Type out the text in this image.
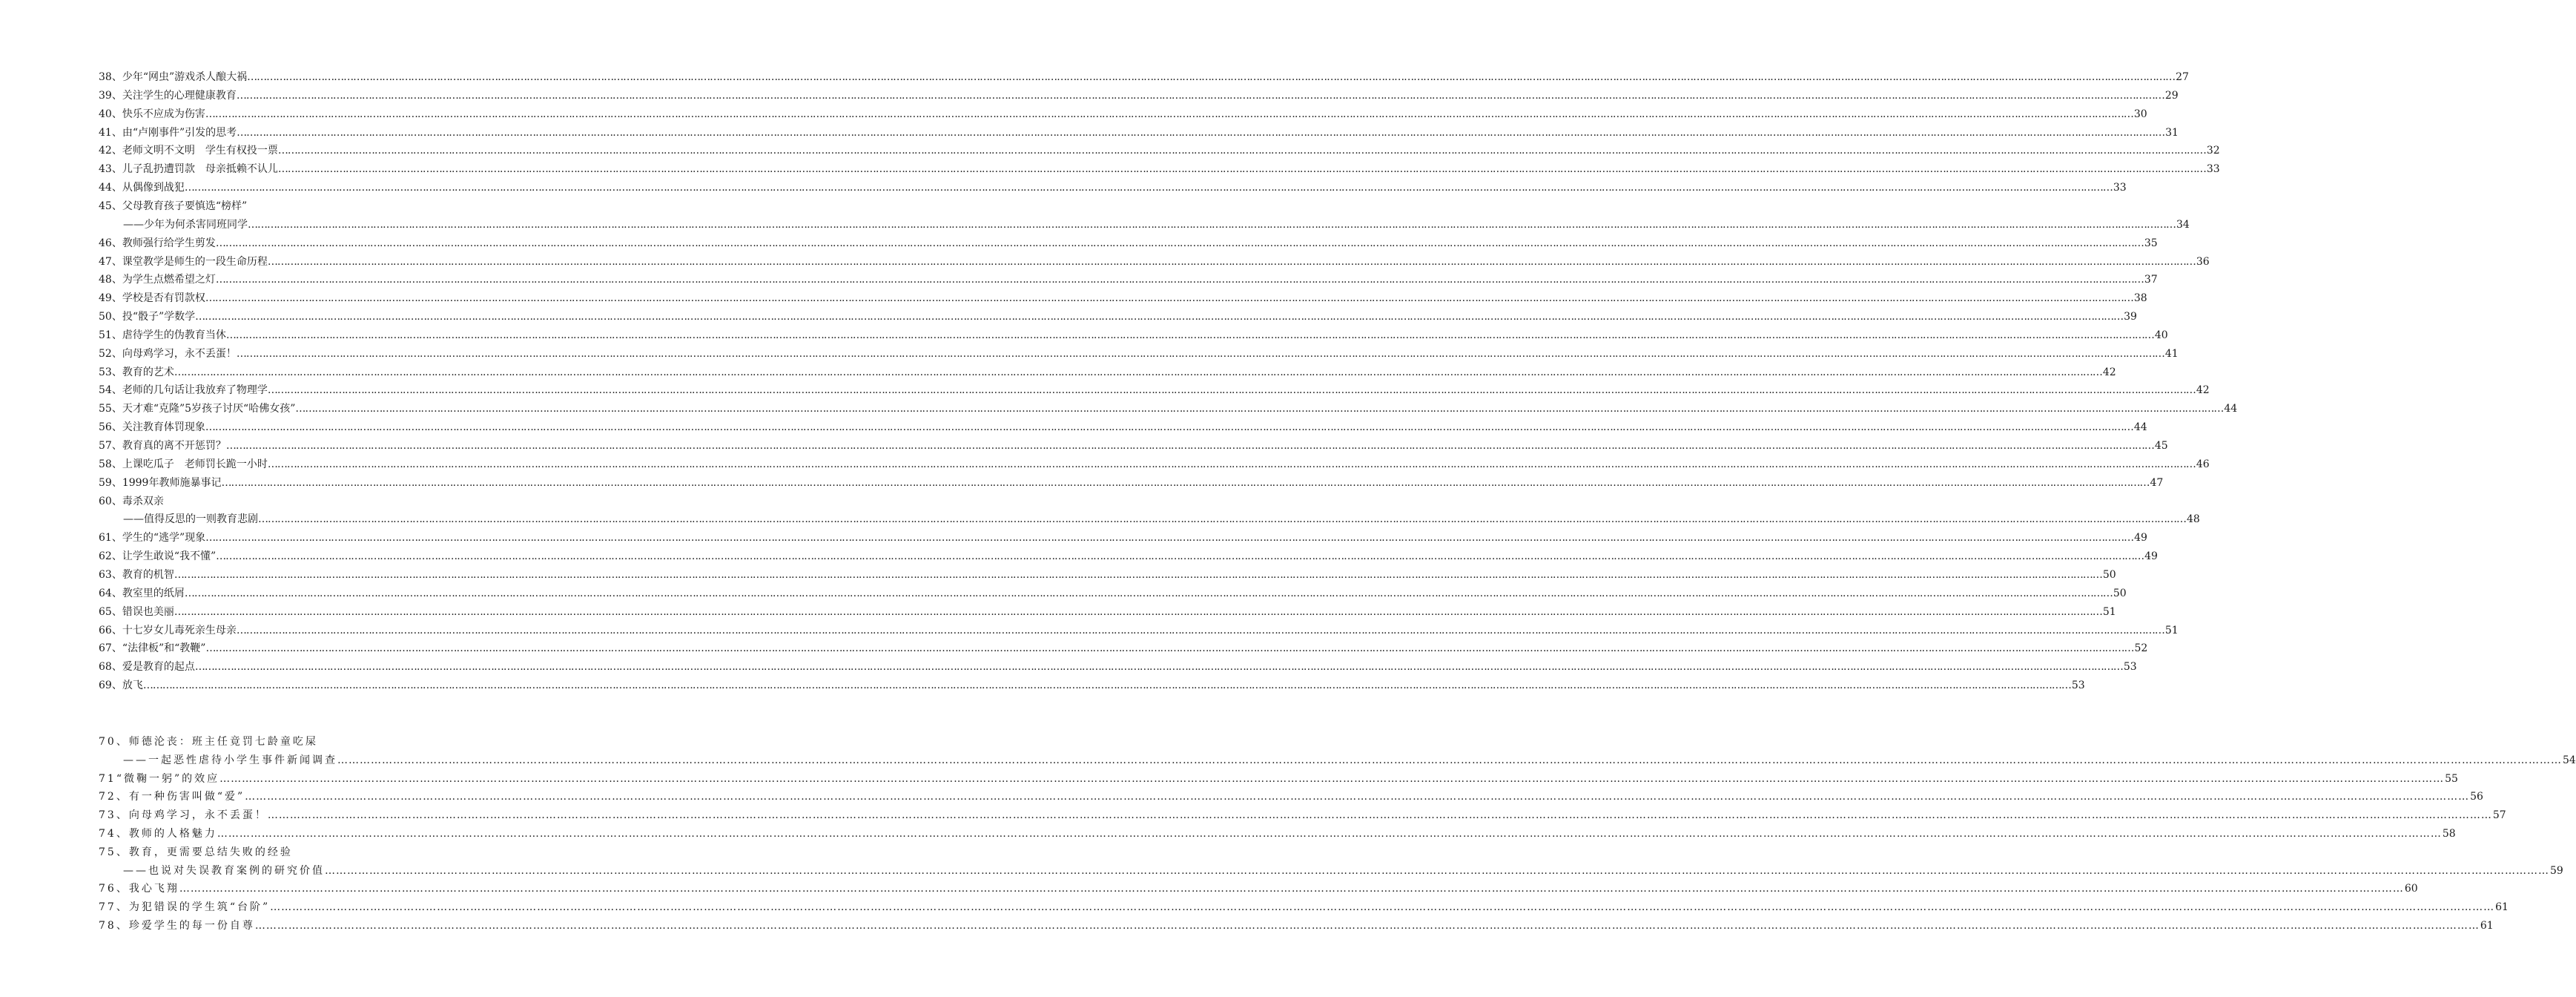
38、少年“网虫”游戏杀人酿大祸 …………………………………………………………………………………………………………………………………………………………………………………………………………………………………………………………………………………………………………………………………………………………………………………………………………………………………………………………………………………………………………………………………………………… 27
39、关注学生的心理健康教育 …………………………………………………………………………………………………………………………………………………………………………………………………………………………………………………………………………………………………………………………………………………………………………………………………………………………………………………………………………………………………………………………………………………… 29
40、快乐不应成为伤害 …………………………………………………………………………………………………………………………………………………………………………………………………………………………………………………………………………………………………………………………………………………………………………………………………………………………………………………………………………………………………………………………………………………… 30
41、由“卢刚事件”引发的思考 …………………………………………………………………………………………………………………………………………………………………………………………………………………………………………………………………………………………………………………………………………………………………………………………………………………………………………………………………………………………………………………………………………………… 31
42、老师文明不文明　学生有权投一票 …………………………………………………………………………………………………………………………………………………………………………………………………………………………………………………………………………………………………………………………………………………………………………………………………………………………………………………………………………………………………………………………………………………… 32
43、儿子乱扔遭罚款　母亲抵赖不认儿 …………………………………………………………………………………………………………………………………………………………………………………………………………………………………………………………………………………………………………………………………………………………………………………………………………………………………………………………………………………………………………………………………………………… 33
44、从偶像到战犯 …………………………………………………………………………………………………………………………………………………………………………………………………………………………………………………………………………………………………………………………………………………………………………………………………………………………………………………………………………………………………………………………………………………… 33
45、父母教育孩子要慎选“榜样”
——少年为何杀害同班同学 …………………………………………………………………………………………………………………………………………………………………………………………………………………………………………………………………………………………………………………………………………………………………………………………………………………………………………………………………………………………………………………………………………………… 34
46、教师强行给学生剪发 …………………………………………………………………………………………………………………………………………………………………………………………………………………………………………………………………………………………………………………………………………………………………………………………………………………………………………………………………………………………………………………………………………………… 35
47、课堂教学是师生的一段生命历程 …………………………………………………………………………………………………………………………………………………………………………………………………………………………………………………………………………………………………………………………………………………………………………………………………………………………………………………………………………………………………………………………………………………… 36
48、为学生点燃希望之灯 …………………………………………………………………………………………………………………………………………………………………………………………………………………………………………………………………………………………………………………………………………………………………………………………………………………………………………………………………………………………………………………………………………………… 37
49、学校是否有罚款权 …………………………………………………………………………………………………………………………………………………………………………………………………………………………………………………………………………………………………………………………………………………………………………………………………………………………………………………………………………………………………………………………………………………… 38
50、投“骰子”学数学 …………………………………………………………………………………………………………………………………………………………………………………………………………………………………………………………………………………………………………………………………………………………………………………………………………………………………………………………………………………………………………………………………………………… 39
51、虐待学生的伪教育当休 …………………………………………………………………………………………………………………………………………………………………………………………………………………………………………………………………………………………………………………………………………………………………………………………………………………………………………………………………………………………………………………………………………………… 40
52、向母鸡学习，永不丢蛋！ …………………………………………………………………………………………………………………………………………………………………………………………………………………………………………………………………………………………………………………………………………………………………………………………………………………………………………………………………………………………………………………………………………………… 41
53、教育的艺术 …………………………………………………………………………………………………………………………………………………………………………………………………………………………………………………………………………………………………………………………………………………………………………………………………………………………………………………………………………………………………………………………………………………… 42
54、老师的几句话让我放弃了物理学 …………………………………………………………………………………………………………………………………………………………………………………………………………………………………………………………………………………………………………………………………………………………………………………………………………………………………………………………………………………………………………………………………………………… 42
55、天才难“克隆”5岁孩子讨厌“哈佛女孩” …………………………………………………………………………………………………………………………………………………………………………………………………………………………………………………………………………………………………………………………………………………………………………………………………………………………………………………………………………………………………………………………………………………… 44
56、关注教育体罚现象 …………………………………………………………………………………………………………………………………………………………………………………………………………………………………………………………………………………………………………………………………………………………………………………………………………………………………………………………………………………………………………………………………………………… 44
57、教育真的离不开惩罚？ …………………………………………………………………………………………………………………………………………………………………………………………………………………………………………………………………………………………………………………………………………………………………………………………………………………………………………………………………………………………………………………………………………………… 45
58、上课吃瓜子　老师罚长跪一小时 …………………………………………………………………………………………………………………………………………………………………………………………………………………………………………………………………………………………………………………………………………………………………………………………………………………………………………………………………………………………………………………………………………………… 46
59、1999年教师施暴事记 …………………………………………………………………………………………………………………………………………………………………………………………………………………………………………………………………………………………………………………………………………………………………………………………………………………………………………………………………………………………………………………………………………………… 47
60、毒杀双亲
——值得反思的一则教育悲剧 …………………………………………………………………………………………………………………………………………………………………………………………………………………………………………………………………………………………………………………………………………………………………………………………………………………………………………………………………………………………………………………………………………………… 48
61、学生的“逃学”现象 …………………………………………………………………………………………………………………………………………………………………………………………………………………………………………………………………………………………………………………………………………………………………………………………………………………………………………………………………………………………………………………………………………………… 49
62、让学生敢说“我不懂” …………………………………………………………………………………………………………………………………………………………………………………………………………………………………………………………………………………………………………………………………………………………………………………………………………………………………………………………………………………………………………………………………………………… 49
63、教育的机智 …………………………………………………………………………………………………………………………………………………………………………………………………………………………………………………………………………………………………………………………………………………………………………………………………………………………………………………………………………………………………………………………………………………… 50
64、教室里的纸屑 …………………………………………………………………………………………………………………………………………………………………………………………………………………………………………………………………………………………………………………………………………………………………………………………………………………………………………………………………………………………………………………………………………………… 50
65、错误也美丽 …………………………………………………………………………………………………………………………………………………………………………………………………………………………………………………………………………………………………………………………………………………………………………………………………………………………………………………………………………………………………………………………………………………… 51
66、十七岁女儿毒死亲生母亲 …………………………………………………………………………………………………………………………………………………………………………………………………………………………………………………………………………………………………………………………………………………………………………………………………………………………………………………………………………………………………………………………………………………… 51
67、“法律板”和“教鞭” …………………………………………………………………………………………………………………………………………………………………………………………………………………………………………………………………………………………………………………………………………………………………………………………………………………………………………………………………………………………………………………………………………………… 52
68、爱是教育的起点 …………………………………………………………………………………………………………………………………………………………………………………………………………………………………………………………………………………………………………………………………………………………………………………………………………………………………………………………………………………………………………………………………………………… 53
69、放飞 …………………………………………………………………………………………………………………………………………………………………………………………………………………………………………………………………………………………………………………………………………………………………………………………………………………………………………………………………………………………………………………………………………………… 53
70、师德沦丧：班主任竟罚七龄童吃屎
——一起恶性虐待小学生事件新闻调查 …………………………………………………………………………………………………………………………………………………………………………………………………………………………………………………………………………………………………………………………………………………………………………………………………………………………………………………………………………………………………………………………………………………… 54
71“微鞠一躬”的效应 …………………………………………………………………………………………………………………………………………………………………………………………………………………………………………………………………………………………………………………………………………………………………………………………………………………………………………………………………………………………………………………………………………………… 55
72、有一种伤害叫做“爱” …………………………………………………………………………………………………………………………………………………………………………………………………………………………………………………………………………………………………………………………………………………………………………………………………………………………………………………………………………………………………………………………………………………… 56
73、向母鸡学习，永不丢蛋！ …………………………………………………………………………………………………………………………………………………………………………………………………………………………………………………………………………………………………………………………………………………………………………………………………………………………………………………………………………………………………………………………………………………… 57
74、教师的人格魅力 …………………………………………………………………………………………………………………………………………………………………………………………………………………………………………………………………………………………………………………………………………………………………………………………………………………………………………………………………………………………………………………………………………………… 58
75、教育，更需要总结失败的经验
——也说对失误教育案例的研究价值 …………………………………………………………………………………………………………………………………………………………………………………………………………………………………………………………………………………………………………………………………………………………………………………………………………………………………………………………………………………………………………………………………………………… 59
76、我心飞翔 …………………………………………………………………………………………………………………………………………………………………………………………………………………………………………………………………………………………………………………………………………………………………………………………………………………………………………………………………………………………………………………………………………………… 60
77、为犯错误的学生筑“台阶” …………………………………………………………………………………………………………………………………………………………………………………………………………………………………………………………………………………………………………………………………………………………………………………………………………………………………………………………………………………………………………………………………………………… 61
78、珍爱学生的每一份自尊 …………………………………………………………………………………………………………………………………………………………………………………………………………………………………………………………………………………………………………………………………………………………………………………………………………………………………………………………………………………………………………………………………………………… 61
